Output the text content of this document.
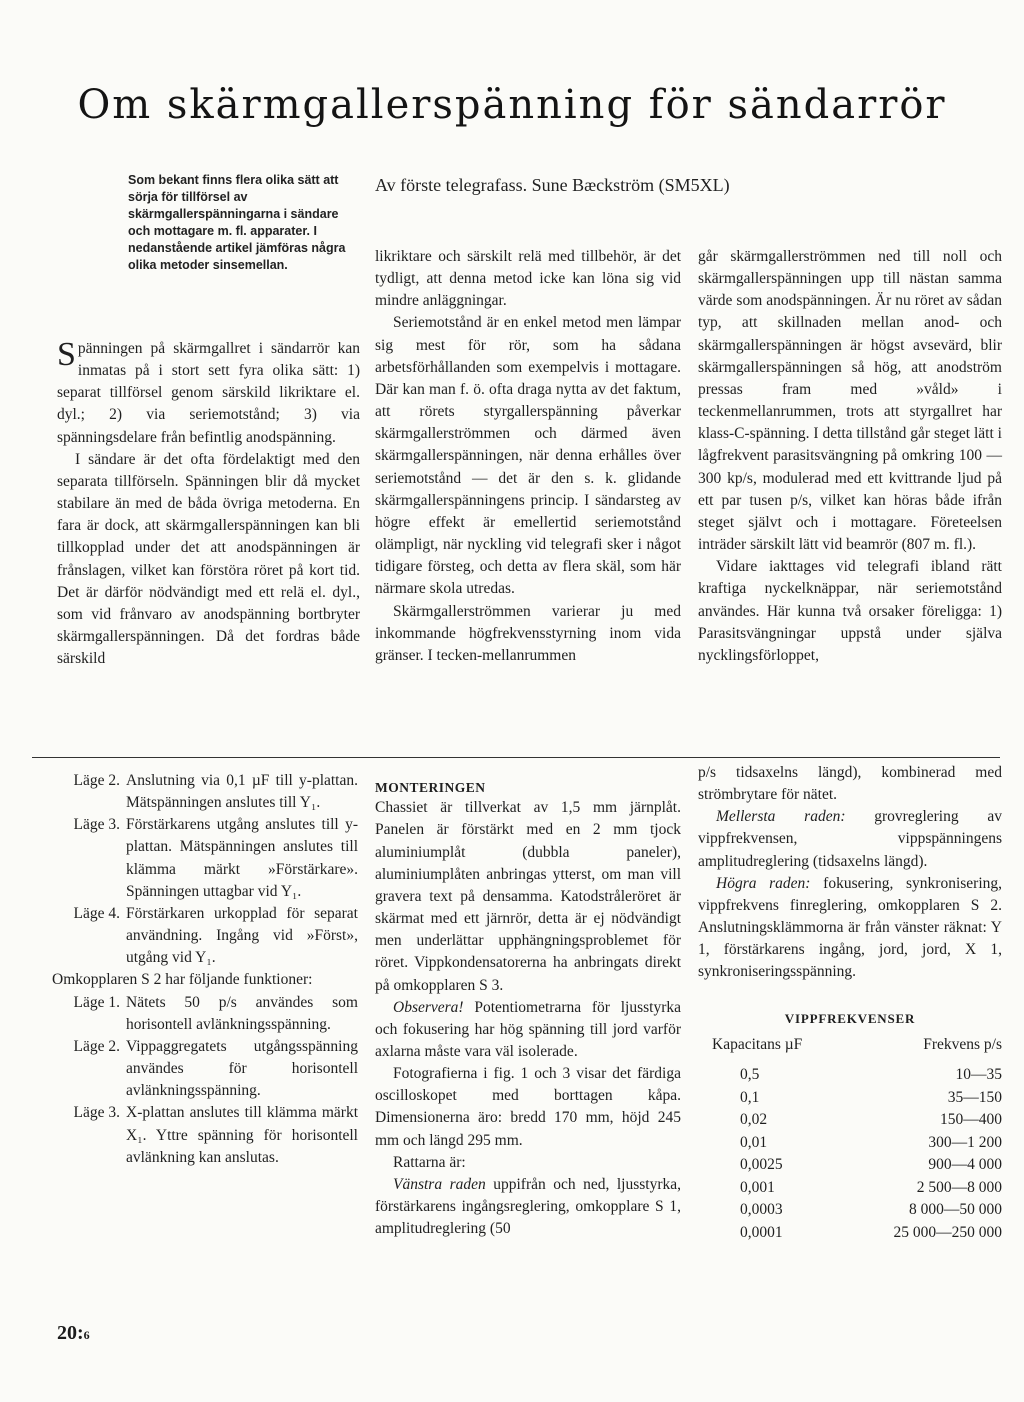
Om skärmgallerspänning för sändarrör
Som bekant finns flera olika sätt att sörja för tillförsel av skärmgallerspänningarna i sändare och mottagare m. fl. apparater. I nedanstående artikel jämföras några olika metoder sinsemellan.
Av förste telegrafass. Sune Bæckström (SM5XL)

Spänningen på skärmgallret i sändarrör kan inmatas på i stort sett fyra olika sätt: 1) separat tillförsel genom särskild likriktare el. dyl.; 2) via seriemotstånd; 3) via spänningsdelare från befintlig anodspänning.

I sändare är det ofta fördelaktigt med den separata tillförseln. Spänningen blir då mycket stabilare än med de båda övriga metoderna. En fara är dock, att skärmgallerspänningen kan bli tillkopplad under det att anodspänningen är frånslagen, vilket kan förstöra röret på kort tid. Det är därför nödvändigt med ett relä el. dyl., som vid frånvaro av anodspänning bortbryter skärmgallerspänningen. Då det fordras både särskild

likriktare och särskilt relä med tillbehör, är det tydligt, att denna metod icke kan löna sig vid mindre anläggningar.

Seriemotstånd är en enkel metod men lämpar sig mest för rör, som ha sådana arbetsförhållanden som exempelvis i mottagare. Där kan man f. ö. ofta draga nytta av det faktum, att rörets styrgallerspänning påverkar skärmgallerströmmen och därmed även skärmgallerspänningen, när denna erhålles över seriemotstånd — det är den s. k. glidande skärmgallerspänningens princip. I sändarsteg av högre effekt är emellertid seriemotstånd olämpligt, när nyckling vid telegrafi sker i något tidigare försteg, och detta av flera skäl, som här närmare skola utredas.

Skärmgallerströmmen varierar ju med inkommande högfrekvensstyrning inom vida gränser. I tecken-mellanrummen

går skärmgallerströmmen ned till noll och skärmgallerspänningen upp till nästan samma värde som anodspänningen. Är nu röret av sådan typ, att skillnaden mellan anod- och skärmgallerspänningen är högst avsevärd, blir skärmgallerspänningen så hög, att anodström pressas fram med »våld» i teckenmellanrummen, trots att styrgallret har klass-C-spänning. I detta tillstånd går steget lätt i lågfrekvent parasitsvängning på omkring 100 —300 kp/s, modulerad med ett kvittrande ljud på ett par tusen p/s, vilket kan höras både ifrån steget självt och i mottagare. Företeelsen inträder särskilt lätt vid beamrör (807 m. fl.).

Vidare iakttages vid telegrafi ibland rätt kraftiga nyckelknäppar, när seriemotstånd användes. Här kunna två orsaker föreligga: 1) Parasitsvängningar uppstå under själva nycklingsförloppet,

Läge 2. Anslutning via 0,1 µF till y-plattan. Mätspänningen anslutes till Y₁.
Läge 3. Förstärkarens utgång anslutes till y-plattan. Mätspänningen anslutes till klämma märkt »Förstärkare». Spänningen uttagbar vid Y₁.
Läge 4. Förstärkaren urkopplad för separat användning. Ingång vid »Först», utgång vid Y₁.

Omkopplaren S 2 har följande funktioner:

Läge 1. Nätets 50 p/s användes som horisontell avlänkningsspänning.
Läge 2. Vippaggregatets utgångsspänning användes för horisontell avlänkningsspänning.
Läge 3. X-plattan anslutes till klämma märkt X₁. Yttre spänning för horisontell avlänkning kan anslutas.
MONTERINGEN

Chassiet är tillverkat av 1,5 mm järnplåt. Panelen är förstärkt med en 2 mm tjock aluminiumplåt (dubbla paneler), aluminiumplåten anbringas ytterst, om man vill gravera text på densamma. Katodstråleröret är skärmat med ett järnrör, detta är ej nödvändigt men underlättar upphängningsproblemet för röret. Vippkondensatorerna ha anbringats direkt på omkopplaren S 3.

Observera! Potentiometrarna för ljusstyrka och fokusering har hög spänning till jord varför axlarna måste vara väl isolerade.

Fotografierna i fig. 1 och 3 visar det färdiga oscilloskopet med borttagen kåpa. Dimensionerna äro: bredd 170 mm, höjd 245 mm och längd 295 mm.

Rattarna är:

Vänstra raden uppifrån och ned, ljusstyrka, förstärkarens ingångsreglering, omkopplare S 1, amplitudreglering (50

p/s tidsaxelns längd), kombinerad med strömbrytare för nätet.

Mellersta raden: grovreglering av vippfrekvensen, vippspänningens amplitudreglering (tidsaxelns längd).

Högra raden: fokusering, synkronisering, vippfrekvens finreglering, omkopplaren S 2. Anslutningsklämmorna är från vänster räknat: Y 1, förstärkarens ingång, jord, jord, X 1, synkroniseringsspänning.

VIPPFREKVENSER
Kapacitans µF	Frekvens p/s
0,5	10—35
0,1	35—150
0,02	150—400
0,01	300—1 200
0,0025	900—4 000
0,001	2 500—8 000
0,0003	8 000—50 000
0,0001	25 000—250 000
20:6
